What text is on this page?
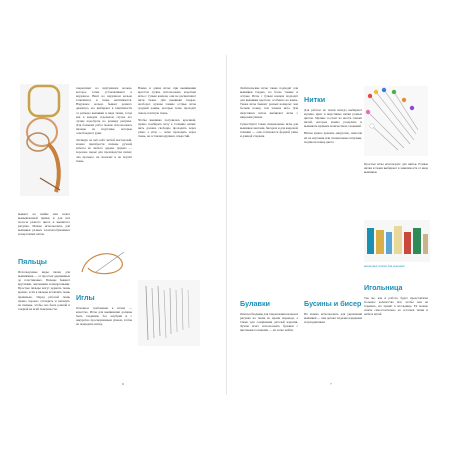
вывают на шейке или шлюз вымышленной пряжи и для неё полосы разного цвета и вышитого рисунка. Можно использовать для вышивки разных хлопчатобумажных и шерстяных ниток.

Пяльцы

Используемые виды пялец для вышивания — от простых деревянных до пластиковых. Пяльцы бывают круглыми, овальными и квадратными. Простые пяльцы могут держать ткань крепко, если в пяльцы вставлять ткань правильно. Перед работой ткань нужно хорошо отгладить и натянуть на пяльцы, чтобы она была ровной и гладкой на всей поверхности.

закрепляют на внутреннем кольце, которое затем устанавливают в наружное. Винт на наружном кольце затягивают, и ткань натягивается. Наружное кольцо бывает разного диаметра, его выбирают в зависимости от размера вышивки и вида ткани, тогда как в каждом отдельном случае его лучше подобрать по размеру рисунка. Для больших работ можно использовать пяльцы на подставке, которые освобождают руки.

Заглянув на веб-сайт любой мастерской, можно приобрести пяльцы ручной работы из любого дерева. Дерево — хорошее сырьё для производства пялец: оно прочное, не скользит и не портит ткань.

Иглы

Основное требование к иглам — качество. Иглы для вышивания должны быть гладкими, без зазубрин и с аккуратно просверленным ушком, чтобы не повредить нитку.

Важно и длина иглы: при вышивании крестом лучше использовать короткие иглы с тупым концом, они не расщепляют нити ткани. Для вышивки гладью, наоборот, нужны тонкие острые иглы средней длины, которые легко проходят сквозь плотную ткань.

Чтобы вышивка получилась красивой, нужно подбирать иглу к толщине нитки: нить должна свободно проходить через ушко, а игла — легко проходить через ткань, не оставляя крупных отверстий.

6

Любительские иглы также подходят для вышивки гладью, но более тонкие и острые. Иглы с тупым концом подходят для вышивки крестом, особенно на канве. Также иглы бывают разных номеров: чем больше номер, тем тоньше игла. Для шерстяных ниток выбирают иглы с широким ушком.

Существуют также специальные иглы для вышивки лентами, бисером и для ковровой техники — они отличаются формой ушка и длиной стержня.

Булавки

Они необходимы для закрепления кальки и рисунка на ткани во время перевода, а также для соединения деталей изделия. Лучше всего использовать булавки с цветными головками — их легко найти.

Нитки

Для работы на ткани иногда выбирают мулине, ирис и шерстяные нитки разных цветов. Мулине состоит из шести тонких нитей, которые можно разделить и вышивать нужным количеством сложений.

Нитки нужно хранить аккуратно, намотав их на картонки или специальные шпульки, подписав номер цвета.

Бусины и бисер

Их можно использовать для украшения вышивки — они делают изделие нарядным и праздничным.

Простые иглы используют для шитья. Разные нитки и ткани выбирают в зависимости от вида вышивки.

различные нитки для вышивки
Игольница

Так же, как и работа, будет представлена большое количество игл; чтобы они не терялись, их хранят в игольнице. Её можно сшить самостоятельно из остатков ткани и набить ватой.

7
